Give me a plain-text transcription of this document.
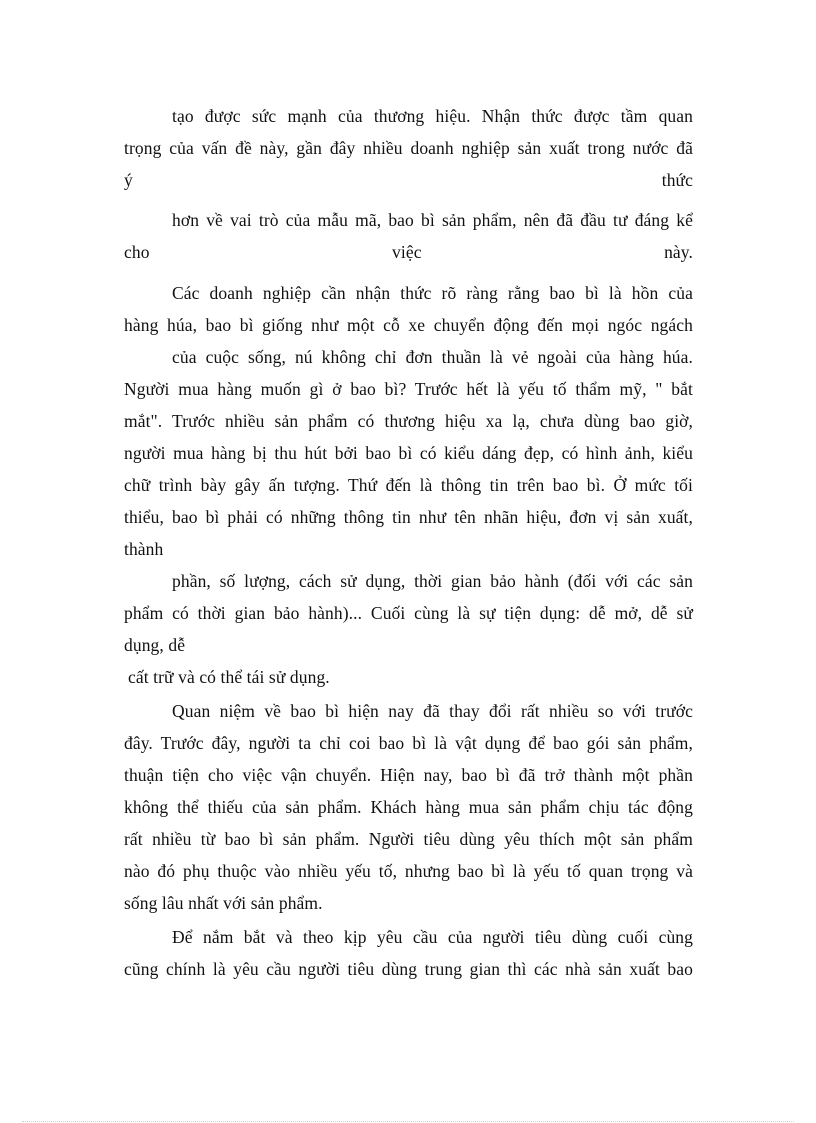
tạo được sức mạnh của thương hiệu. Nhận thức được tầm quan
trọng của vấn đề này, gần đây nhiều doanh nghiệp sản xuất trong nước đã
ý thức
hơn về vai trò của mẫu mã, bao bì sản phẩm, nên đã đầu tư đáng kể
cho việc này.
Các doanh nghiệp cần nhận thức rõ ràng rằng bao bì là hồn của
hàng húa, bao bì giống như một cỗ xe chuyển động đến mọi ngóc ngách
của cuộc sống, nú không chỉ đơn thuần là vẻ ngoài của hàng húa.
Người mua hàng muốn gì ở bao bì? Trước hết là yếu tố thẩm mỹ, " bắt
mắt". Trước nhiều sản phẩm có thương hiệu xa lạ, chưa dùng bao giờ,
người mua hàng bị thu hút bởi bao bì có kiểu dáng đẹp, có hình ảnh, kiểu
chữ trình bày gây ấn tượng. Thứ đến là thông tin trên bao bì. Ở mức tối
thiểu, bao bì phải có những thông tin như tên nhãn hiệu, đơn vị sản xuất,
thành
phần, số lượng, cách sử dụng, thời gian bảo hành (đối với các sản
phẩm có thời gian bảo hành)... Cuối cùng là sự tiện dụng: dễ mở, dễ sử
dụng, dễ
cất trữ và có thể tái sử dụng.
Quan niệm về bao bì hiện nay đã thay đổi rất nhiều so với trước
đây. Trước đây, người ta chỉ coi bao bì là vật dụng để bao gói sản phẩm,
thuận tiện cho việc vận chuyển. Hiện nay, bao bì đã trở thành một phần
không thể thiếu của sản phẩm. Khách hàng mua sản phẩm chịu tác động
rất nhiều từ bao bì sản phẩm. Người tiêu dùng yêu thích một sản phẩm
nào đó phụ thuộc vào nhiều yếu tố, nhưng bao bì là yếu tố quan trọng và
sống lâu nhất với sản phẩm.
Để nắm bắt và theo kịp yêu cầu của người tiêu dùng cuối cùng
cũng chính là yêu cầu người tiêu dùng trung gian thì các nhà sản xuất bao
